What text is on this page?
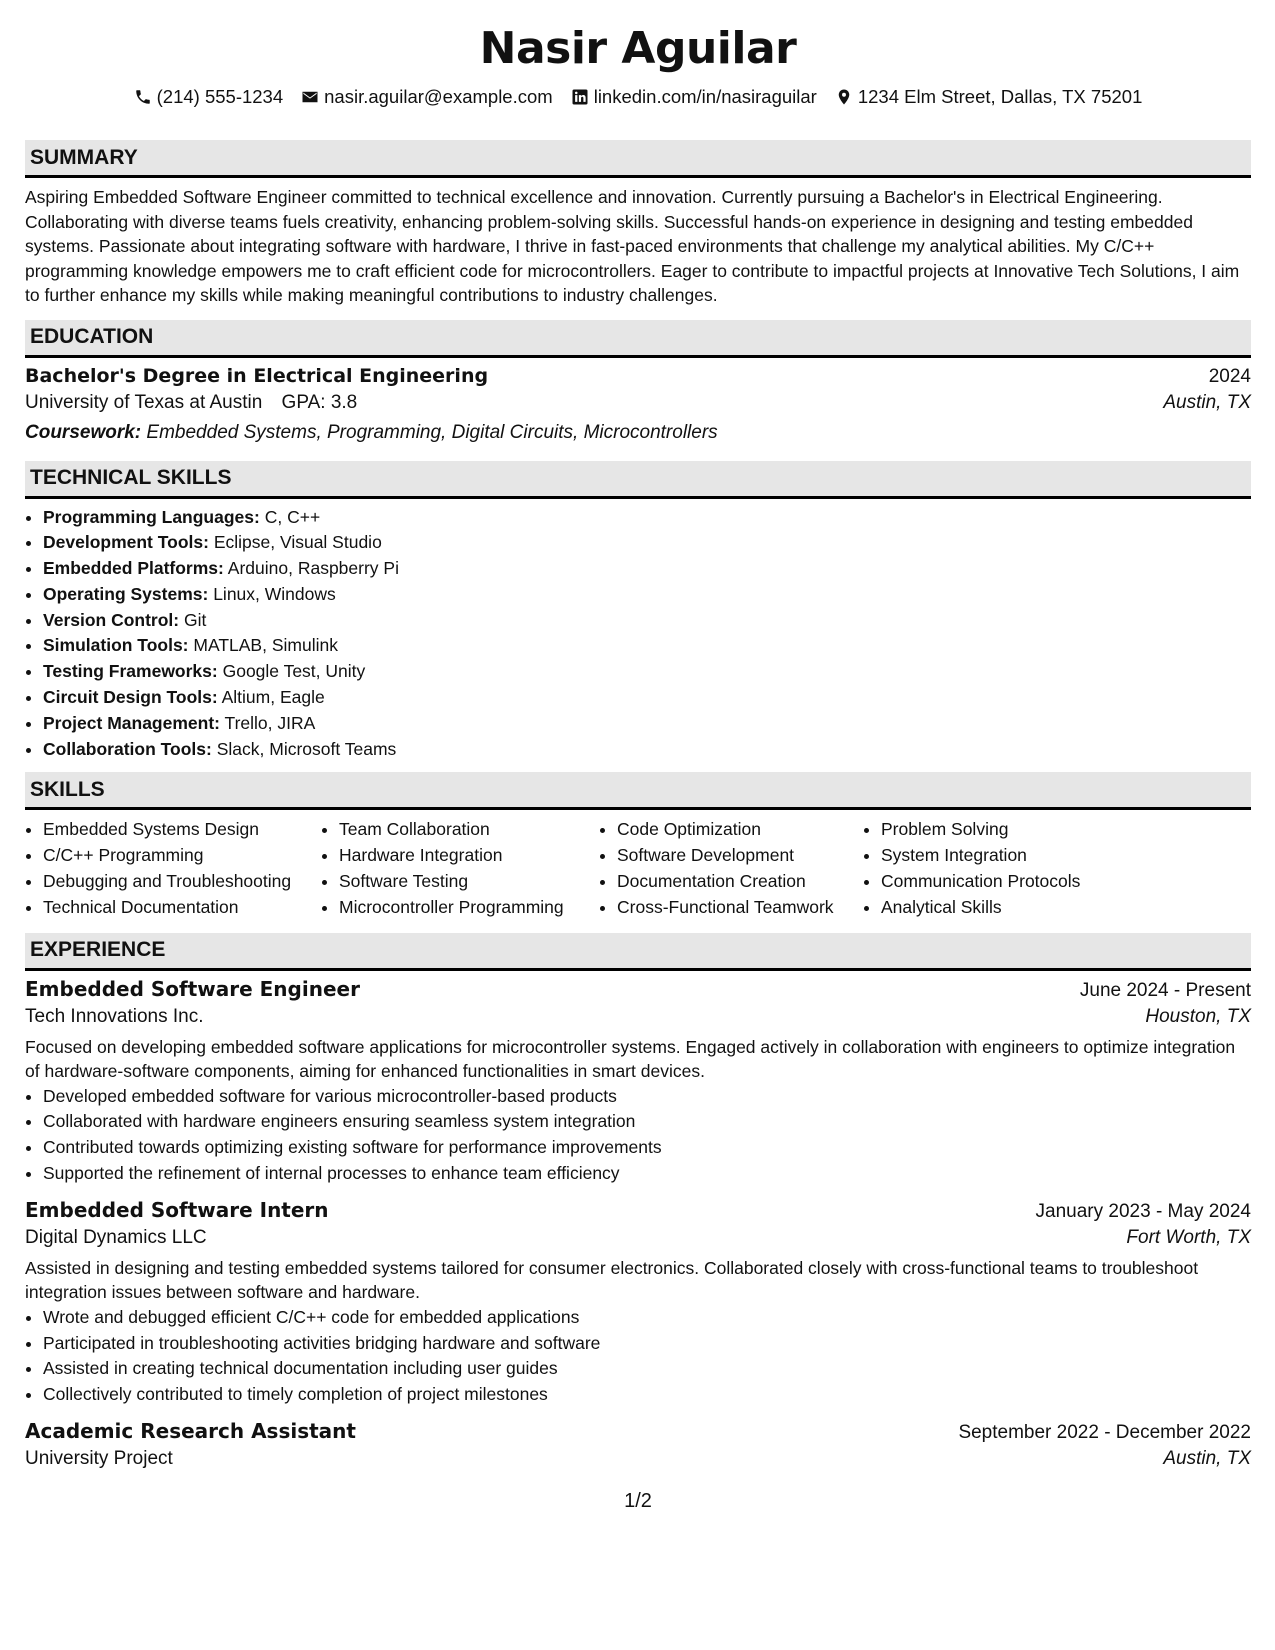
Nasir Aguilar
(214) 555-1234 nasir.aguilar@example.com linkedin.com/in/nasiraguilar 1234 Elm Street, Dallas, TX 75201
SUMMARY

Aspiring Embedded Software Engineer committed to technical excellence and innovation. Currently pursuing a Bachelor's in Electrical Engineering. Collaborating with diverse teams fuels creativity, enhancing problem-solving skills. Successful hands-on experience in designing and testing embedded systems. Passionate about integrating software with hardware, I thrive in fast-paced environments that challenge my analytical abilities. My C/C++ programming knowledge empowers me to craft efficient code for microcontrollers. Eager to contribute to impactful projects at Innovative Tech Solutions, I aim to further enhance my skills while making meaningful contributions to industry challenges.

EDUCATION
Bachelor's Degree in Electrical Engineering	2024
University of Texas at Austin GPA: 3.8	Austin, TX
Coursework: Embedded Systems, Programming, Digital Circuits, Microcontrollers
TECHNICAL SKILLS
• Programming Languages: C, C++
• Development Tools: Eclipse, Visual Studio
• Embedded Platforms: Arduino, Raspberry Pi
• Operating Systems: Linux, Windows
• Version Control: Git
• Simulation Tools: MATLAB, Simulink
• Testing Frameworks: Google Test, Unity
• Circuit Design Tools: Altium, Eagle
• Project Management: Trello, JIRA
• Collaboration Tools: Slack, Microsoft Teams
SKILLS
• Embedded Systems Design
• C/C++ Programming
• Debugging and Troubleshooting
• Technical Documentation
• Team Collaboration
• Hardware Integration
• Software Testing
• Microcontroller Programming
• Code Optimization
• Software Development
• Documentation Creation
• Cross-Functional Teamwork
• Problem Solving
• System Integration
• Communication Protocols
• Analytical Skills
EXPERIENCE
Embedded Software Engineer	June 2024 - Present
Tech Innovations Inc.	Houston, TX

Focused on developing embedded software applications for microcontroller systems. Engaged actively in collaboration with engineers to optimize integration of hardware-software components, aiming for enhanced functionalities in smart devices.

• Developed embedded software for various microcontroller-based products
• Collaborated with hardware engineers ensuring seamless system integration
• Contributed towards optimizing existing software for performance improvements
• Supported the refinement of internal processes to enhance team efficiency
Embedded Software Intern	January 2023 - May 2024
Digital Dynamics LLC	Fort Worth, TX

Assisted in designing and testing embedded systems tailored for consumer electronics. Collaborated closely with cross-functional teams to troubleshoot integration issues between software and hardware.

• Wrote and debugged efficient C/C++ code for embedded applications
• Participated in troubleshooting activities bridging hardware and software
• Assisted in creating technical documentation including user guides
• Collectively contributed to timely completion of project milestones
Academic Research Assistant	September 2022 - December 2022
University Project	Austin, TX
1/2
